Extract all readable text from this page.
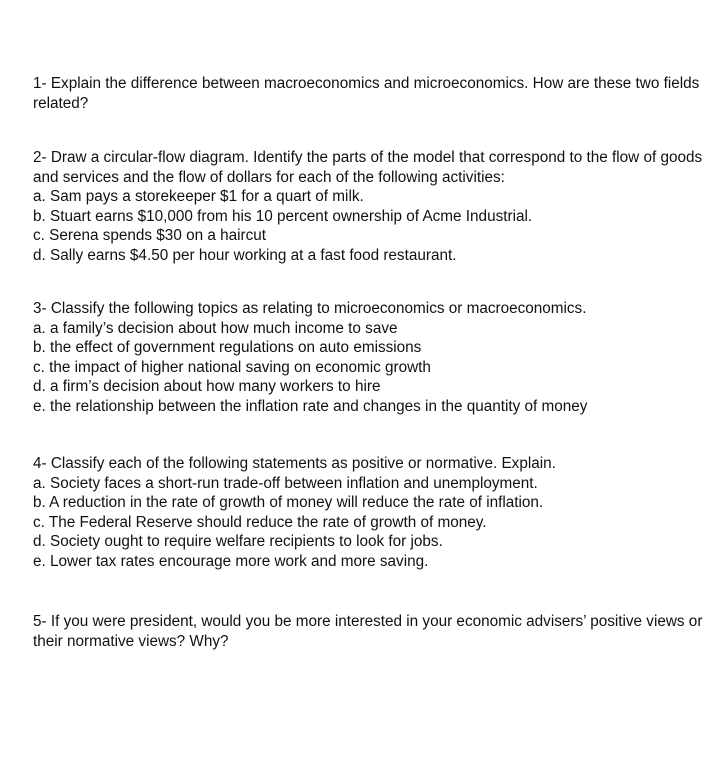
1- Explain the difference between macroeconomics and microeconomics. How are these two fields related?
2- Draw a circular-flow diagram. Identify the parts of the model that correspond to the flow of goods and services and the flow of dollars for each of the following activities:
a. Sam pays a storekeeper $1 for a quart of milk.
b. Stuart earns $10,000 from his 10 percent ownership of Acme Industrial.
c. Serena spends $30 on a haircut
d. Sally earns $4.50 per hour working at a fast food restaurant.
3- Classify the following topics as relating to microeconomics or macroeconomics.
a. a family’s decision about how much income to save
b. the effect of government regulations on auto emissions
c. the impact of higher national saving on economic growth
d. a firm’s decision about how many workers to hire
e. the relationship between the inflation rate and changes in the quantity of money
4- Classify each of the following statements as positive or normative. Explain.
a. Society faces a short-run trade-off between inflation and unemployment.
b. A reduction in the rate of growth of money will reduce the rate of inflation.
c. The Federal Reserve should reduce the rate of growth of money.
d. Society ought to require welfare recipients to look for jobs.
e. Lower tax rates encourage more work and more saving.
5- If you were president, would you be more interested in your economic advisers’ positive views or their normative views? Why?
